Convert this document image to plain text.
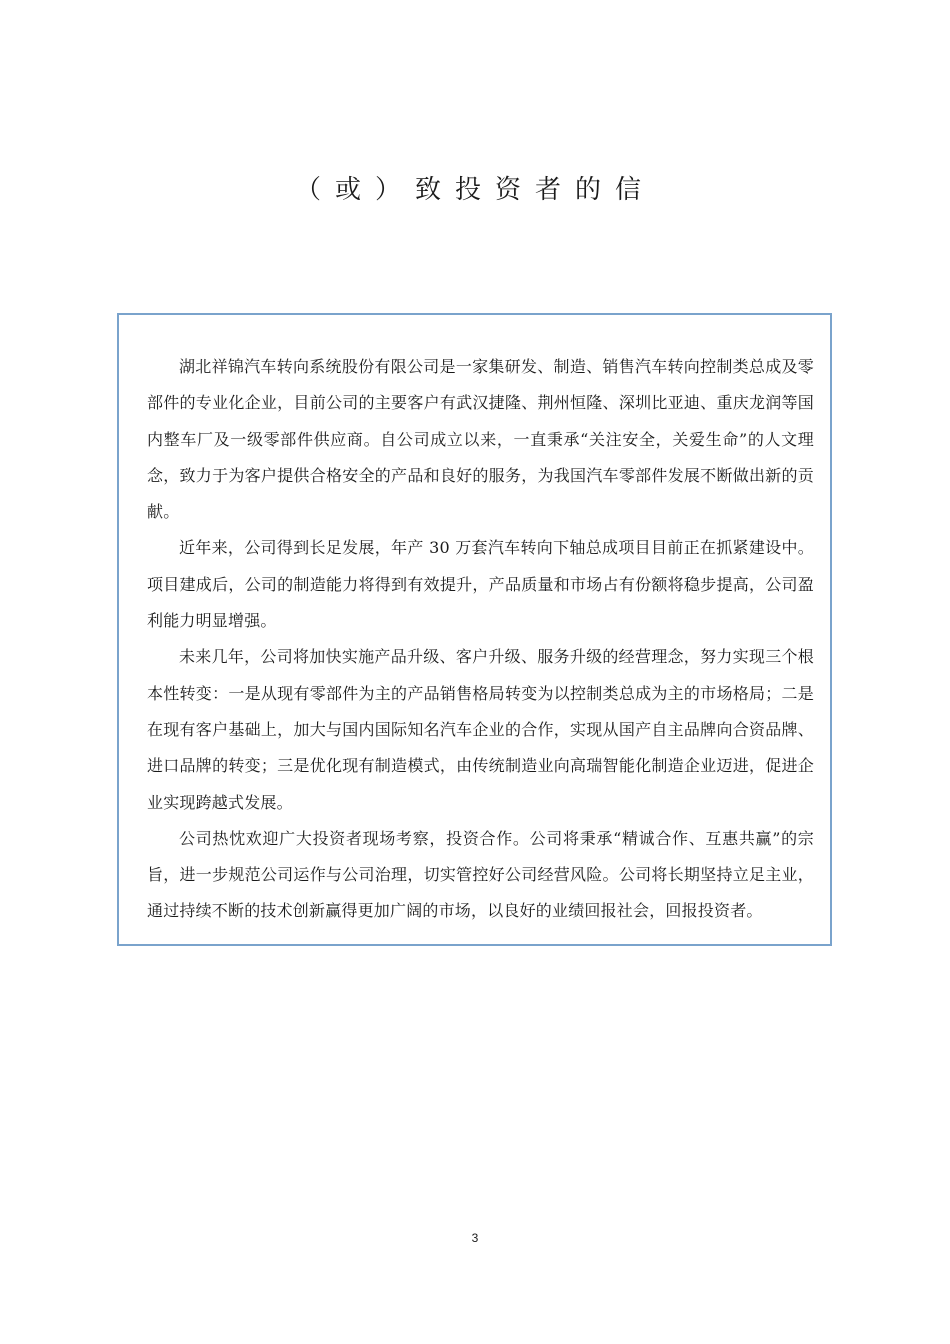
（或）致投资者的信

湖北祥锦汽车转向系统股份有限公司是一家集研发、制造、销售汽车转向控制类总成及零部件的专业化企业，目前公司的主要客户有武汉捷隆、荆州恒隆、深圳比亚迪、重庆龙润等国内整车厂及一级零部件供应商。自公司成立以来，一直秉承“关注安全，关爱生命”的人文理念，致力于为客户提供合格安全的产品和良好的服务，为我国汽车零部件发展不断做出新的贡献。

近年来，公司得到长足发展，年产 30 万套汽车转向下轴总成项目目前正在抓紧建设中。项目建成后，公司的制造能力将得到有效提升，产品质量和市场占有份额将稳步提高，公司盈利能力明显增强。

未来几年，公司将加快实施产品升级、客户升级、服务升级的经营理念，努力实现三个根本性转变：一是从现有零部件为主的产品销售格局转变为以控制类总成为主的市场格局；二是在现有客户基础上，加大与国内国际知名汽车企业的合作，实现从国产自主品牌向合资品牌、进口品牌的转变；三是优化现有制造模式，由传统制造业向高瑞智能化制造企业迈进，促进企业实现跨越式发展。

公司热忱欢迎广大投资者现场考察，投资合作。公司将秉承“精诚合作、互惠共赢”的宗旨，进一步规范公司运作与公司治理，切实管控好公司经营风险。公司将长期坚持立足主业，通过持续不断的技术创新赢得更加广阔的市场，以良好的业绩回报社会，回报投资者。

3
